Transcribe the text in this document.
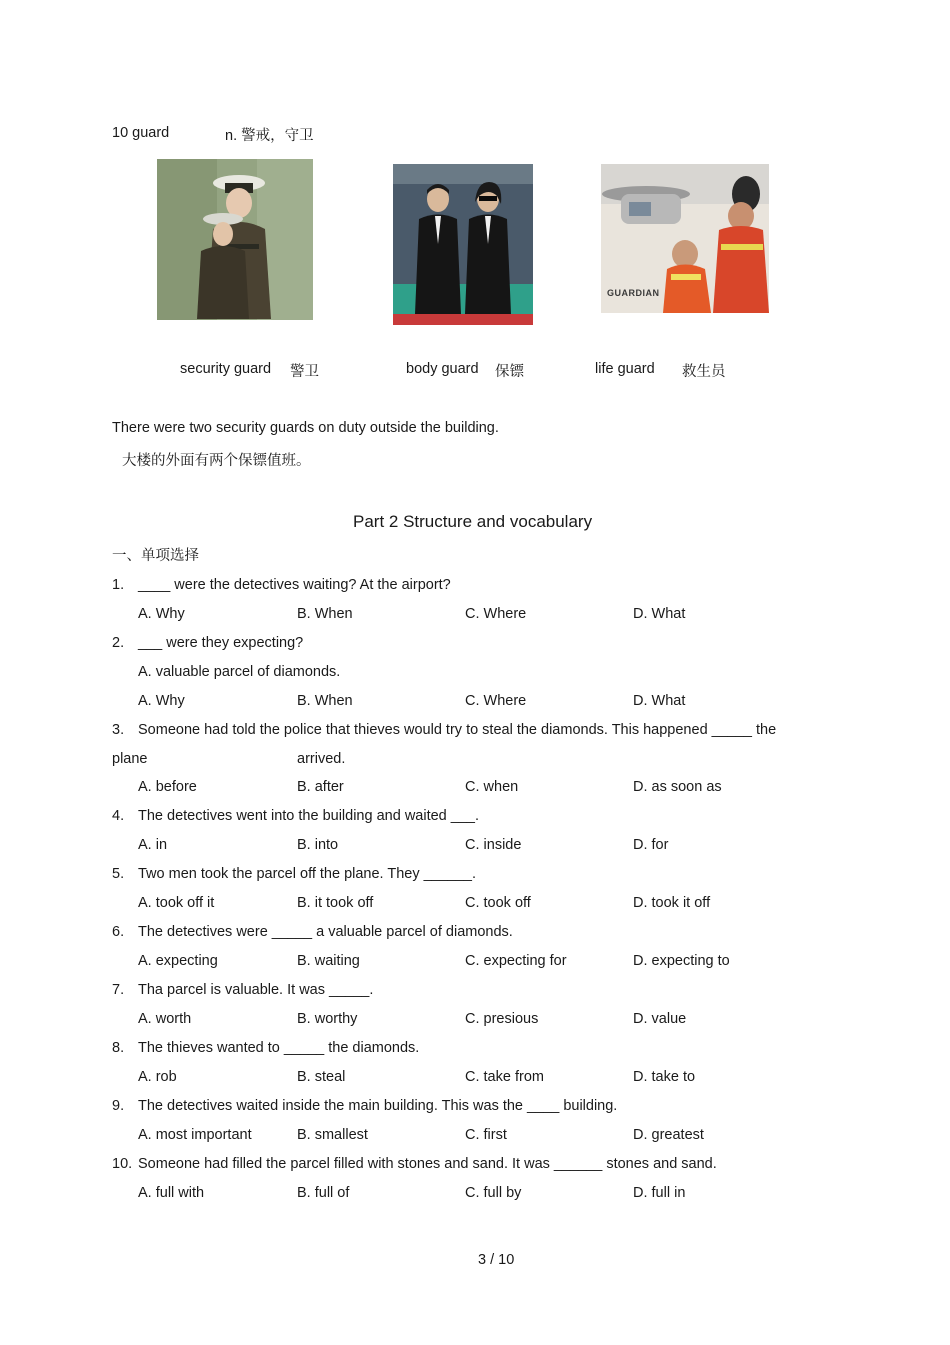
10 guard	n. 警戒，守卫
GUARDIAN
security guard 警卫	body guard 保镖	life guard 救生员
There were two security guards on duty outside the building.
大楼的外面有两个保镖值班。
Part 2 Structure and vocabulary
一、单项选择
1. ____ were the detectives waiting? At the airport?
A. Why	B. When	C. Where	D. What
2. ___ were they expecting?
A. valuable parcel of diamonds.
A. Why	B. When	C. Where	D. What
3. Someone had told the police that thieves would try to steal the diamonds. This happened _____ the
plane	arrived.
A. before	B. after	C. when	D. as soon as
4. The detectives went into the building and waited ___.
A. in	B. into	C. inside	D. for
5. Two men took the parcel off the plane. They ______.
A. took off it	B. it took off	C. took off	D. took it off
6. The detectives were _____ a valuable parcel of diamonds.
A. expecting	B. waiting	C. expecting for	D. expecting to
7. Tha parcel is valuable. It was _____.
A. worth	B. worthy	C. presious	D. value
8. The thieves wanted to _____ the diamonds.
A. rob	B. steal	C. take from	D. take to
9. The detectives waited inside the main building. This was the ____ building.
A. most important	B. smallest	C. first	D. greatest
10. Someone had filled the parcel filled with stones and sand. It was ______ stones and sand.
A. full with	B. full of	C. full by	D. full in
3 / 10
